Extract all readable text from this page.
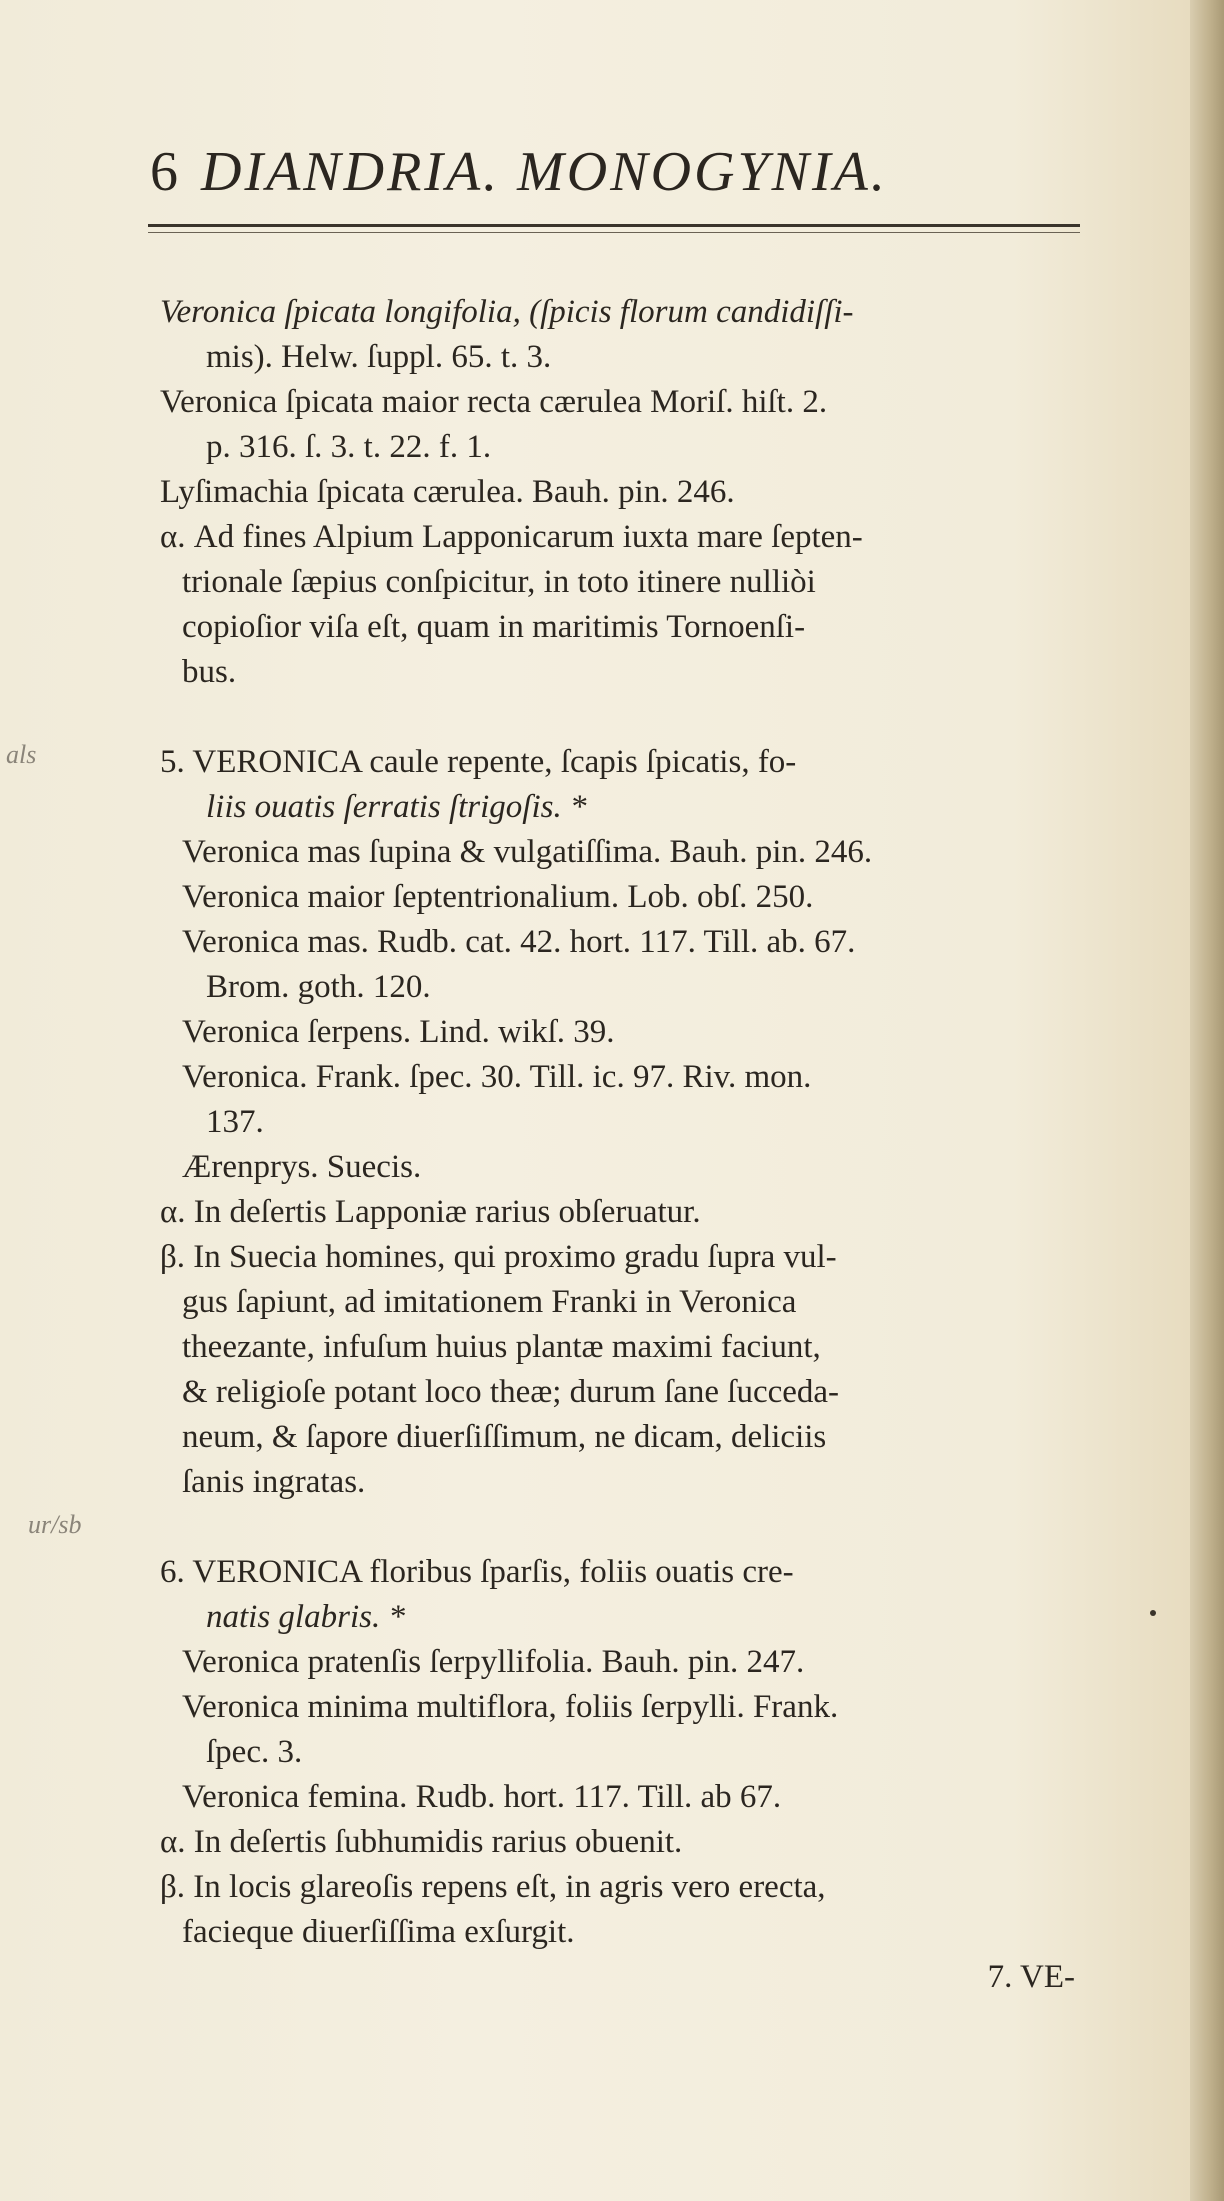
6 DIANDRIA. MONOGYNIA.
als
ur/sb
Veronica ſpicata longifolia, (ſpicis florum candidiſſi-
mis). Helw. ſuppl. 65. t. 3.
Veronica ſpicata maior recta cærulea Moriſ. hiſt. 2.
p. 316. ſ. 3. t. 22. f. 1.
Lyſimachia ſpicata cærulea. Bauh. pin. 246.
α. Ad fines Alpium Lapponicarum iuxta mare ſepten-
trionale ſæpius conſpicitur, in toto itinere nulliòi
copioſior viſa eſt, quam in maritimis Tornoenſi-
bus.
5. VERONICA caule repente, ſcapis ſpicatis, fo-
liis ouatis ſerratis ſtrigoſis. *
Veronica mas ſupina & vulgatiſſima. Bauh. pin. 246.
Veronica maior ſeptentrionalium. Lob. obſ. 250.
Veronica mas. Rudb. cat. 42. hort. 117. Till. ab. 67.
Brom. goth. 120.
Veronica ſerpens. Lind. wikſ. 39.
Veronica. Frank. ſpec. 30. Till. ic. 97. Riv. mon.
137.
Ærenprys. Suecis.
α. In deſertis Lapponiæ rarius obſeruatur.
β. In Suecia homines, qui proximo gradu ſupra vul-
gus ſapiunt, ad imitationem Franki in Veronica
theezante, infuſum huius plantæ maximi faciunt,
& religioſe potant loco theæ; durum ſane ſucceda-
neum, & ſapore diuerſiſſimum, ne dicam, deliciis
ſanis ingratas.
6. VERONICA floribus ſparſis, foliis ouatis cre-
natis glabris. *
Veronica pratenſis ſerpyllifolia. Bauh. pin. 247.
Veronica minima multiflora, foliis ſerpylli. Frank.
ſpec. 3.
Veronica femina. Rudb. hort. 117. Till. ab 67.
α. In deſertis ſubhumidis rarius obuenit.
β. In locis glareoſis repens eſt, in agris vero erecta,
facieque diuerſiſſima exſurgit.
7. VE-
